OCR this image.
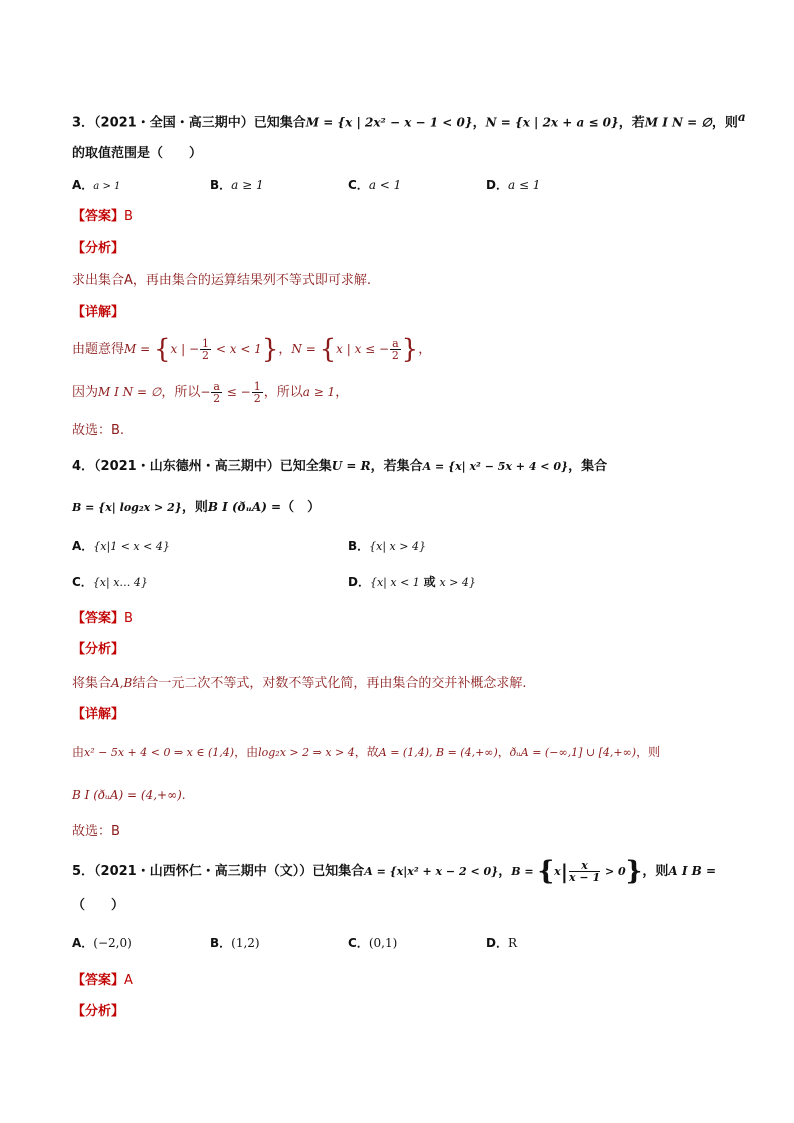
3．（2021・全国・高三期中）已知集合M = {x | 2x² − x − 1 < 0}，N = {x | 2x + a ≤ 0}，若M I N = ∅，则$^a$
的取值范围是（　　）
A．a > 1	B．a ≥ 1	C．a < 1	D．a ≤ 1
【答案】B
【分析】
求出集合A，再由集合的运算结果列不等式即可求解.
【详解】
由题意得M = {x | − $\frac{1}{2} < x < 1$}，N = {x | x ≤ − $\frac{a}{2}$ }，
因为M I N = ∅，所以− $\frac{a}{2}$ ≤ − $\frac{1}{2}$ ，所以a ≥ 1，
故选：B.
4．（2021・山东德州・高三期中）已知全集U = R，若集合A = {x| x² − 5x + 4 < 0}，集合
B = {x| log₂x > 2}，则B I (ðᵤA) =（　）
A．{x|1 < x < 4}	B．{x| x > 4}
C．{x| x… 4}	D．{x| x < 1 或 x > 4}
【答案】B
【分析】
将集合A,B结合一元二次不等式，对数不等式化简，再由集合的交并补概念求解.
【详解】
由x² − 5x + 4 < 0 ⇒ x ∈ (1,4)，由log₂x > 2 ⇒ x > 4，故A = (1,4), B = (4,+∞)，ðᵤA = (−∞,1] ∪ [4,+∞)，则
B I (ðᵤA) = (4,+∞).
故选：B
5．（2021・山西怀仁・高三期中（文））已知集合A = {x|x² + x − 2 < 0}，$B = \{x| \frac{x}{x - 1} > 0\}$，则A I B =
（　　）
A．(−2,0)	B．(1,2)	C．(0,1)	D．R
【答案】A
【分析】
